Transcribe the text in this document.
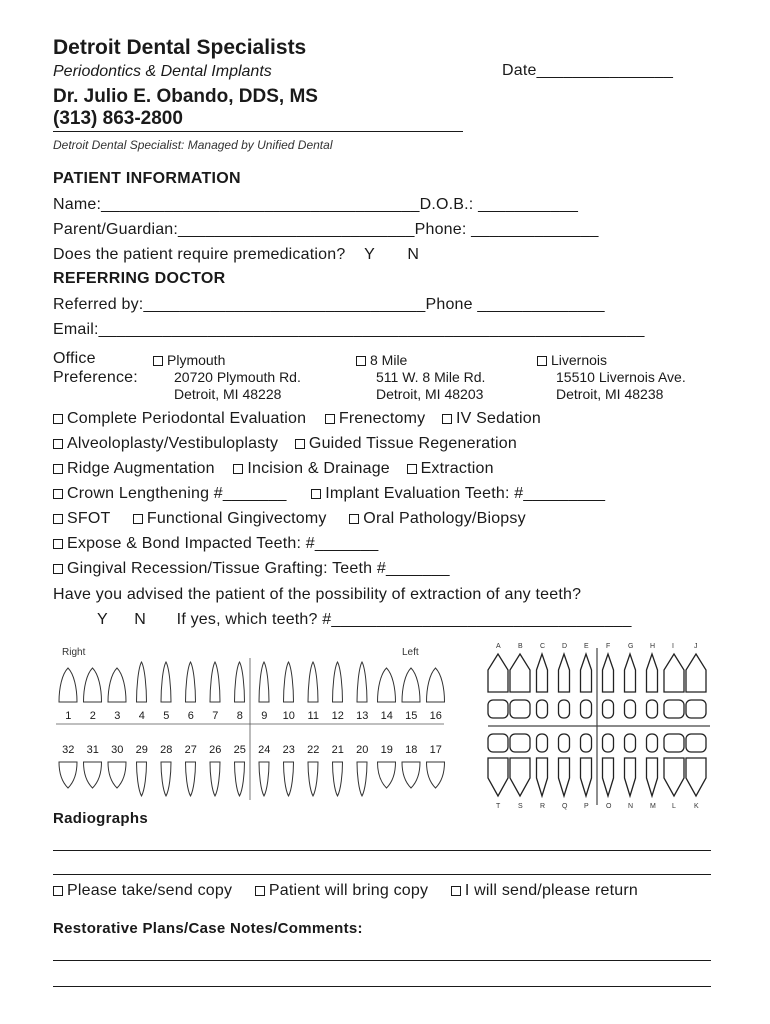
Detroit Dental Specialists
Periodontics & Dental Implants
Dr. Julio E. Obando, DDS, MS
(313) 863-2800
Detroit Dental Specialist: Managed by Unified Dental
Date_______________
PATIENT INFORMATION
Name:___________________________________D.O.B.: ___________
Parent/Guardian:__________________________Phone: ______________
Does the patient require premedication? Y N
REFERRING DOCTOR
Referred by:_______________________________Phone ______________
Email:____________________________________________________________
Office
Preference:
Plymouth
20720 Plymouth Rd.
Detroit, MI 48228
8 Mile
511 W. 8 Mile Rd.
Detroit, MI 48203
Livernois
15510 Livernois Ave.
Detroit, MI 48238
Complete Periodontal Evaluation Frenectomy IV Sedation
Alveoloplasty/Vestibuloplasty Guided Tissue Regeneration
Ridge Augmentation Incision & Drainage Extraction
Crown Lengthening #_______ Implant Evaluation Teeth: #_________
SFOT Functional Gingivectomy Oral Pathology/Biopsy
Expose & Bond Impacted Teeth: #_______
Gingival Recession/Tissue Grafting: Teeth #_______
Have you advised the patient of the possibility of extraction of any teeth?
Y N If yes, which teeth? #_________________________________
Right	Left
1 2 3 4 5 6 7 8 9 10 11 12 13 14 15 16
32 31 30 29 28 27 26 25 24 23 22 21 20 19 18 17
A B C D E F	G H I	J
T	S R Q P O N M L	K
Radiographs
Please take/send copy Patient will bring copy I will send/please return
Restorative Plans/Case Notes/Comments:
